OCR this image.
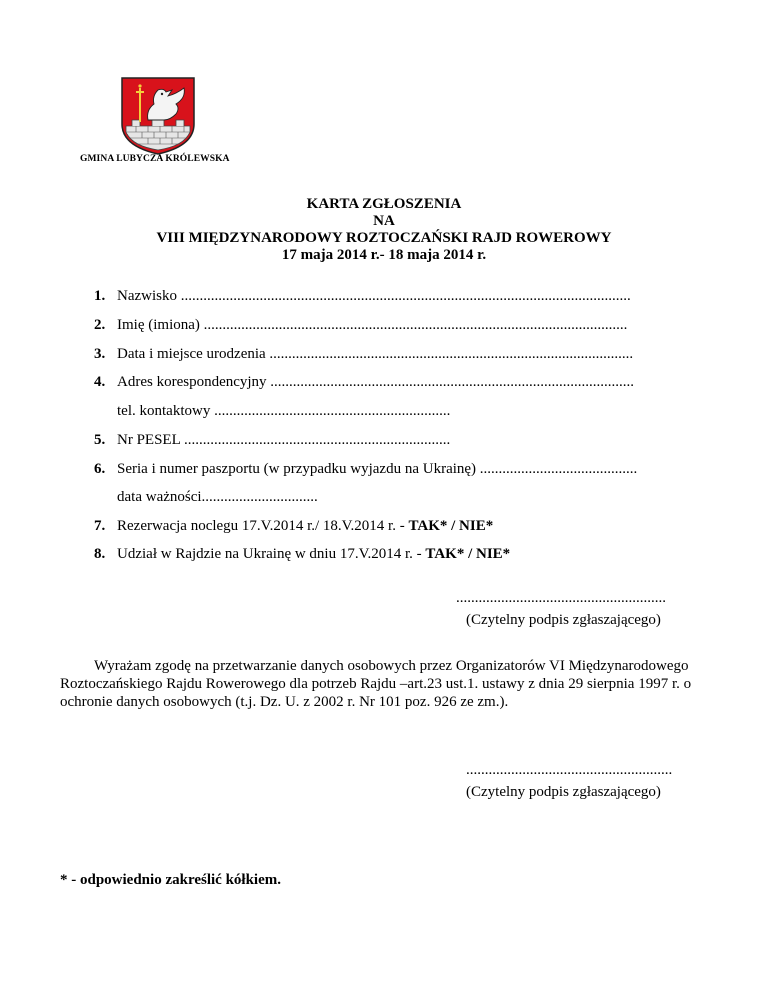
GMINA LUBYCZA KRÓLEWSKA
KARTA ZGŁOSZENIA
NA
VIII MIĘDZYNARODOWY ROZTOCZAŃSKI RAJD ROWEROWY
17 maja 2014 r.- 18 maja 2014 r.
1. Nazwisko ........................................................................................................................
2. Imię (imiona) .................................................................................................................
3. Data i miejsce urodzenia .................................................................................................
4. Adres korespondencyjny .................................................................................................
tel. kontaktowy ...............................................................
5. Nr PESEL .......................................................................
6. Seria i numer paszportu (w przypadku wyjazdu na Ukrainę) ..........................................
data ważności...............................
7. Rezerwacja noclegu 17.V.2014 r./ 18.V.2014 r. - TAK* / NIE*
8. Udział w Rajdzie na Ukrainę w dniu 17.V.2014 r. - TAK* / NIE*
........................................................
(Czytelny podpis zgłaszającego)

Wyrażam zgodę na przetwarzanie danych osobowych przez Organizatorów VI Międzynarodowego Roztoczańskiego Rajdu Rowerowego dla potrzeb Rajdu –art.23 ust.1. ustawy z dnia 29 sierpnia 1997 r. o ochronie danych osobowych (t.j. Dz. U. z 2002 r. Nr 101 poz. 926 ze zm.).

.......................................................
(Czytelny podpis zgłaszającego)
* - odpowiednio zakreślić kółkiem.
